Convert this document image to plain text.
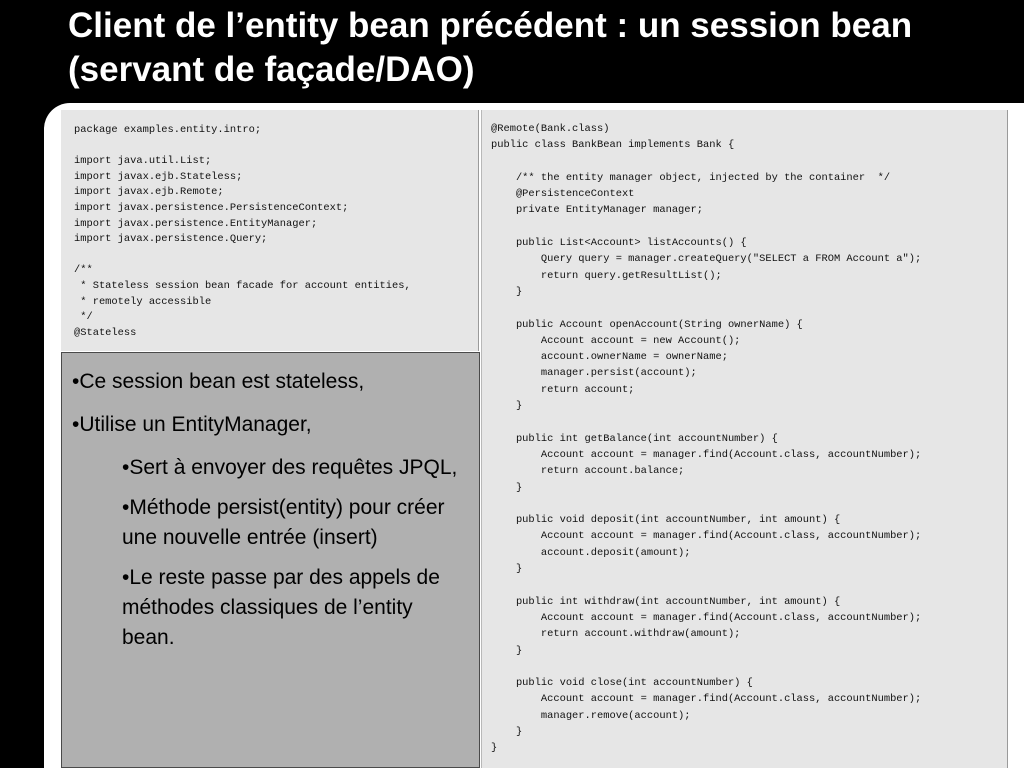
Client de l’entity bean précédent : un session bean (servant de façade/DAO)
package examples.entity.intro;

import java.util.List;
import javax.ejb.Stateless;
import javax.ejb.Remote;
import javax.persistence.PersistenceContext;
import javax.persistence.EntityManager;
import javax.persistence.Query;

/**
* Stateless session bean facade for account entities,
* remotely accessible
*/
@Stateless
@Remote(Bank.class)
public class BankBean implements Bank {

/** the entity manager object, injected by the container  */
@PersistenceContext
private EntityManager manager;

public List<Account> listAccounts() {
Query query = manager.createQuery("SELECT a FROM Account a");
return query.getResultList();
}

public Account openAccount(String ownerName) {
Account account = new Account();
account.ownerName = ownerName;
manager.persist(account);
return account;
}

public int getBalance(int accountNumber) {
Account account = manager.find(Account.class, accountNumber);
return account.balance;
}

public void deposit(int accountNumber, int amount) {
Account account = manager.find(Account.class, accountNumber);
account.deposit(amount);
}

public int withdraw(int accountNumber, int amount) {
Account account = manager.find(Account.class, accountNumber);
return account.withdraw(amount);
}

public void close(int accountNumber) {
Account account = manager.find(Account.class, accountNumber);
manager.remove(account);
}
}

•Ce session bean est stateless,

•Utilise un EntityManager,

•Sert à envoyer des requêtes JPQL,

•Méthode persist(entity) pour créer une nouvelle entrée (insert)

•Le reste passe par des appels de méthodes classiques de l’entity bean.
